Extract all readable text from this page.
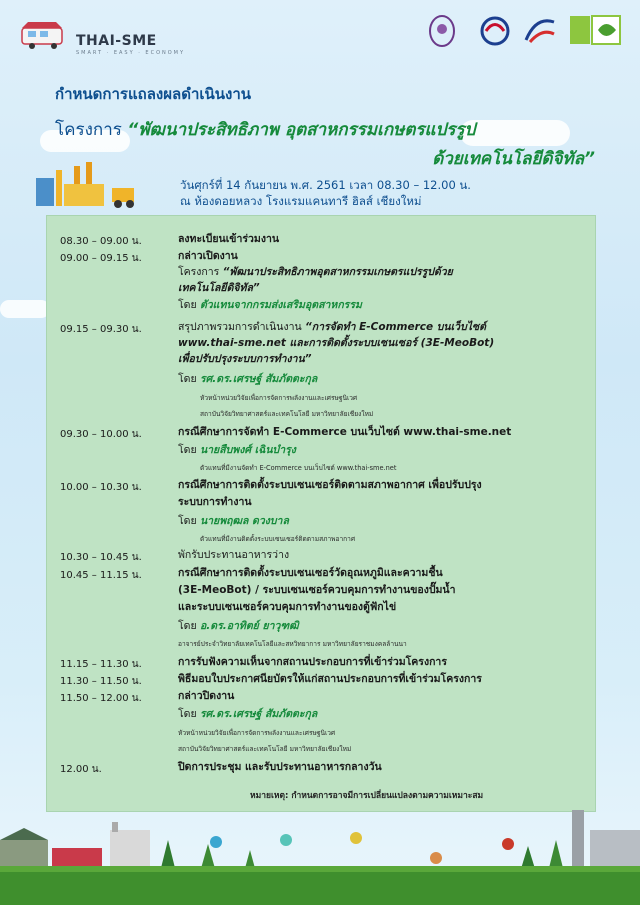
THAI-SME
SMART · EASY · ECONOMY
กำหนดการแถลงผลดำเนินงาน
โครงการ “พัฒนาประสิทธิภาพ อุตสาหกรรมเกษตรแปรรูป
ด้วยเทคโนโลยีดิจิทัล”
วันศุกร์ที่ 14 กันยายน พ.ศ. 2561 เวลา 08.30 – 12.00 น.
ณ ห้องดอยหลวง โรงแรมแคนทารี ฮิลส์ เชียงใหม่
08.30 – 09.00 น.	ลงทะเบียนเข้าร่วมงาน
09.00 – 09.15 น.	กล่าวเปิดงาน
โครงการ “พัฒนาประสิทธิภาพอุตสาหกรรมเกษตรแปรรูปด้วย
เทคโนโลยีดิจิทัล”
โดย ตัวแทนจากกรมส่งเสริมอุตสาหกรรม
09.15 – 09.30 น.	สรุปภาพรวมการดำเนินงาน “การจัดทำ E-Commerce บนเว็บไซต์
www.thai-sme.net และการติดตั้งระบบเซนเซอร์ (3E-MeoBot)
เพื่อปรับปรุงระบบการทำงาน”
โดย รศ.ดร.เศรษฐ์ สัมภัตตะกุล
หัวหน้าหน่วยวิจัยเพื่อการจัดการพลังงานและเศรษฐนิเวศ
สถาบันวิจัยวิทยาศาสตร์และเทคโนโลยี มหาวิทยาลัยเชียงใหม่
09.30 – 10.00 น.	กรณีศึกษาการจัดทำ E-Commerce บนเว็บไซต์ www.thai-sme.net
โดย นายสืบพงศ์ เฉินบำรุง
ตัวแทนที่มีงานจัดทำ E-Commerce บนเว็บไซต์ www.thai-sme.net
10.00 – 10.30 น.	กรณีศึกษาการติดตั้งระบบเซนเซอร์ติดตามสภาพอากาศ เพื่อปรับปรุง
ระบบการทำงาน
โดย นายพฤฒล ดวงบาล
ตัวแทนที่มีงานติดตั้งระบบเซนเซอร์ติดตามสภาพอากาศ
10.30 – 10.45 น.	พักรับประทานอาหารว่าง
10.45 – 11.15 น.	กรณีศึกษาการติดตั้งระบบเซนเซอร์วัดอุณหภูมิและความชื้น
(3E-MeoBot) / ระบบเซนเซอร์ควบคุมการทำงานของปั๊มน้ำ
และระบบเซนเซอร์ควบคุมการทำงานของตู้ฟักไข่
โดย อ.ดร.อาทิตย์ ยาวุฑฒิ
อาจารย์ประจำวิทยาลัยเทคโนโลยีและสหวิทยาการ มหาวิทยาลัยราชมงคลล้านนา
11.15 – 11.30 น.	การรับฟังความเห็นจากสถานประกอบการที่เข้าร่วมโครงการ
11.30 – 11.50 น.	พิธีมอบใบประกาศนียบัตรให้แก่สถานประกอบการที่เข้าร่วมโครงการ
11.50 – 12.00 น.	กล่าวปิดงาน
โดย รศ.ดร.เศรษฐ์ สัมภัตตะกุล
หัวหน้าหน่วยวิจัยเพื่อการจัดการพลังงานและเศรษฐนิเวศ
สถาบันวิจัยวิทยาศาสตร์และเทคโนโลยี มหาวิทยาลัยเชียงใหม่
12.00 น.	ปิดการประชุม และรับประทานอาหารกลางวัน
หมายเหตุ: กำหนดการอาจมีการเปลี่ยนแปลงตามความเหมาะสม
